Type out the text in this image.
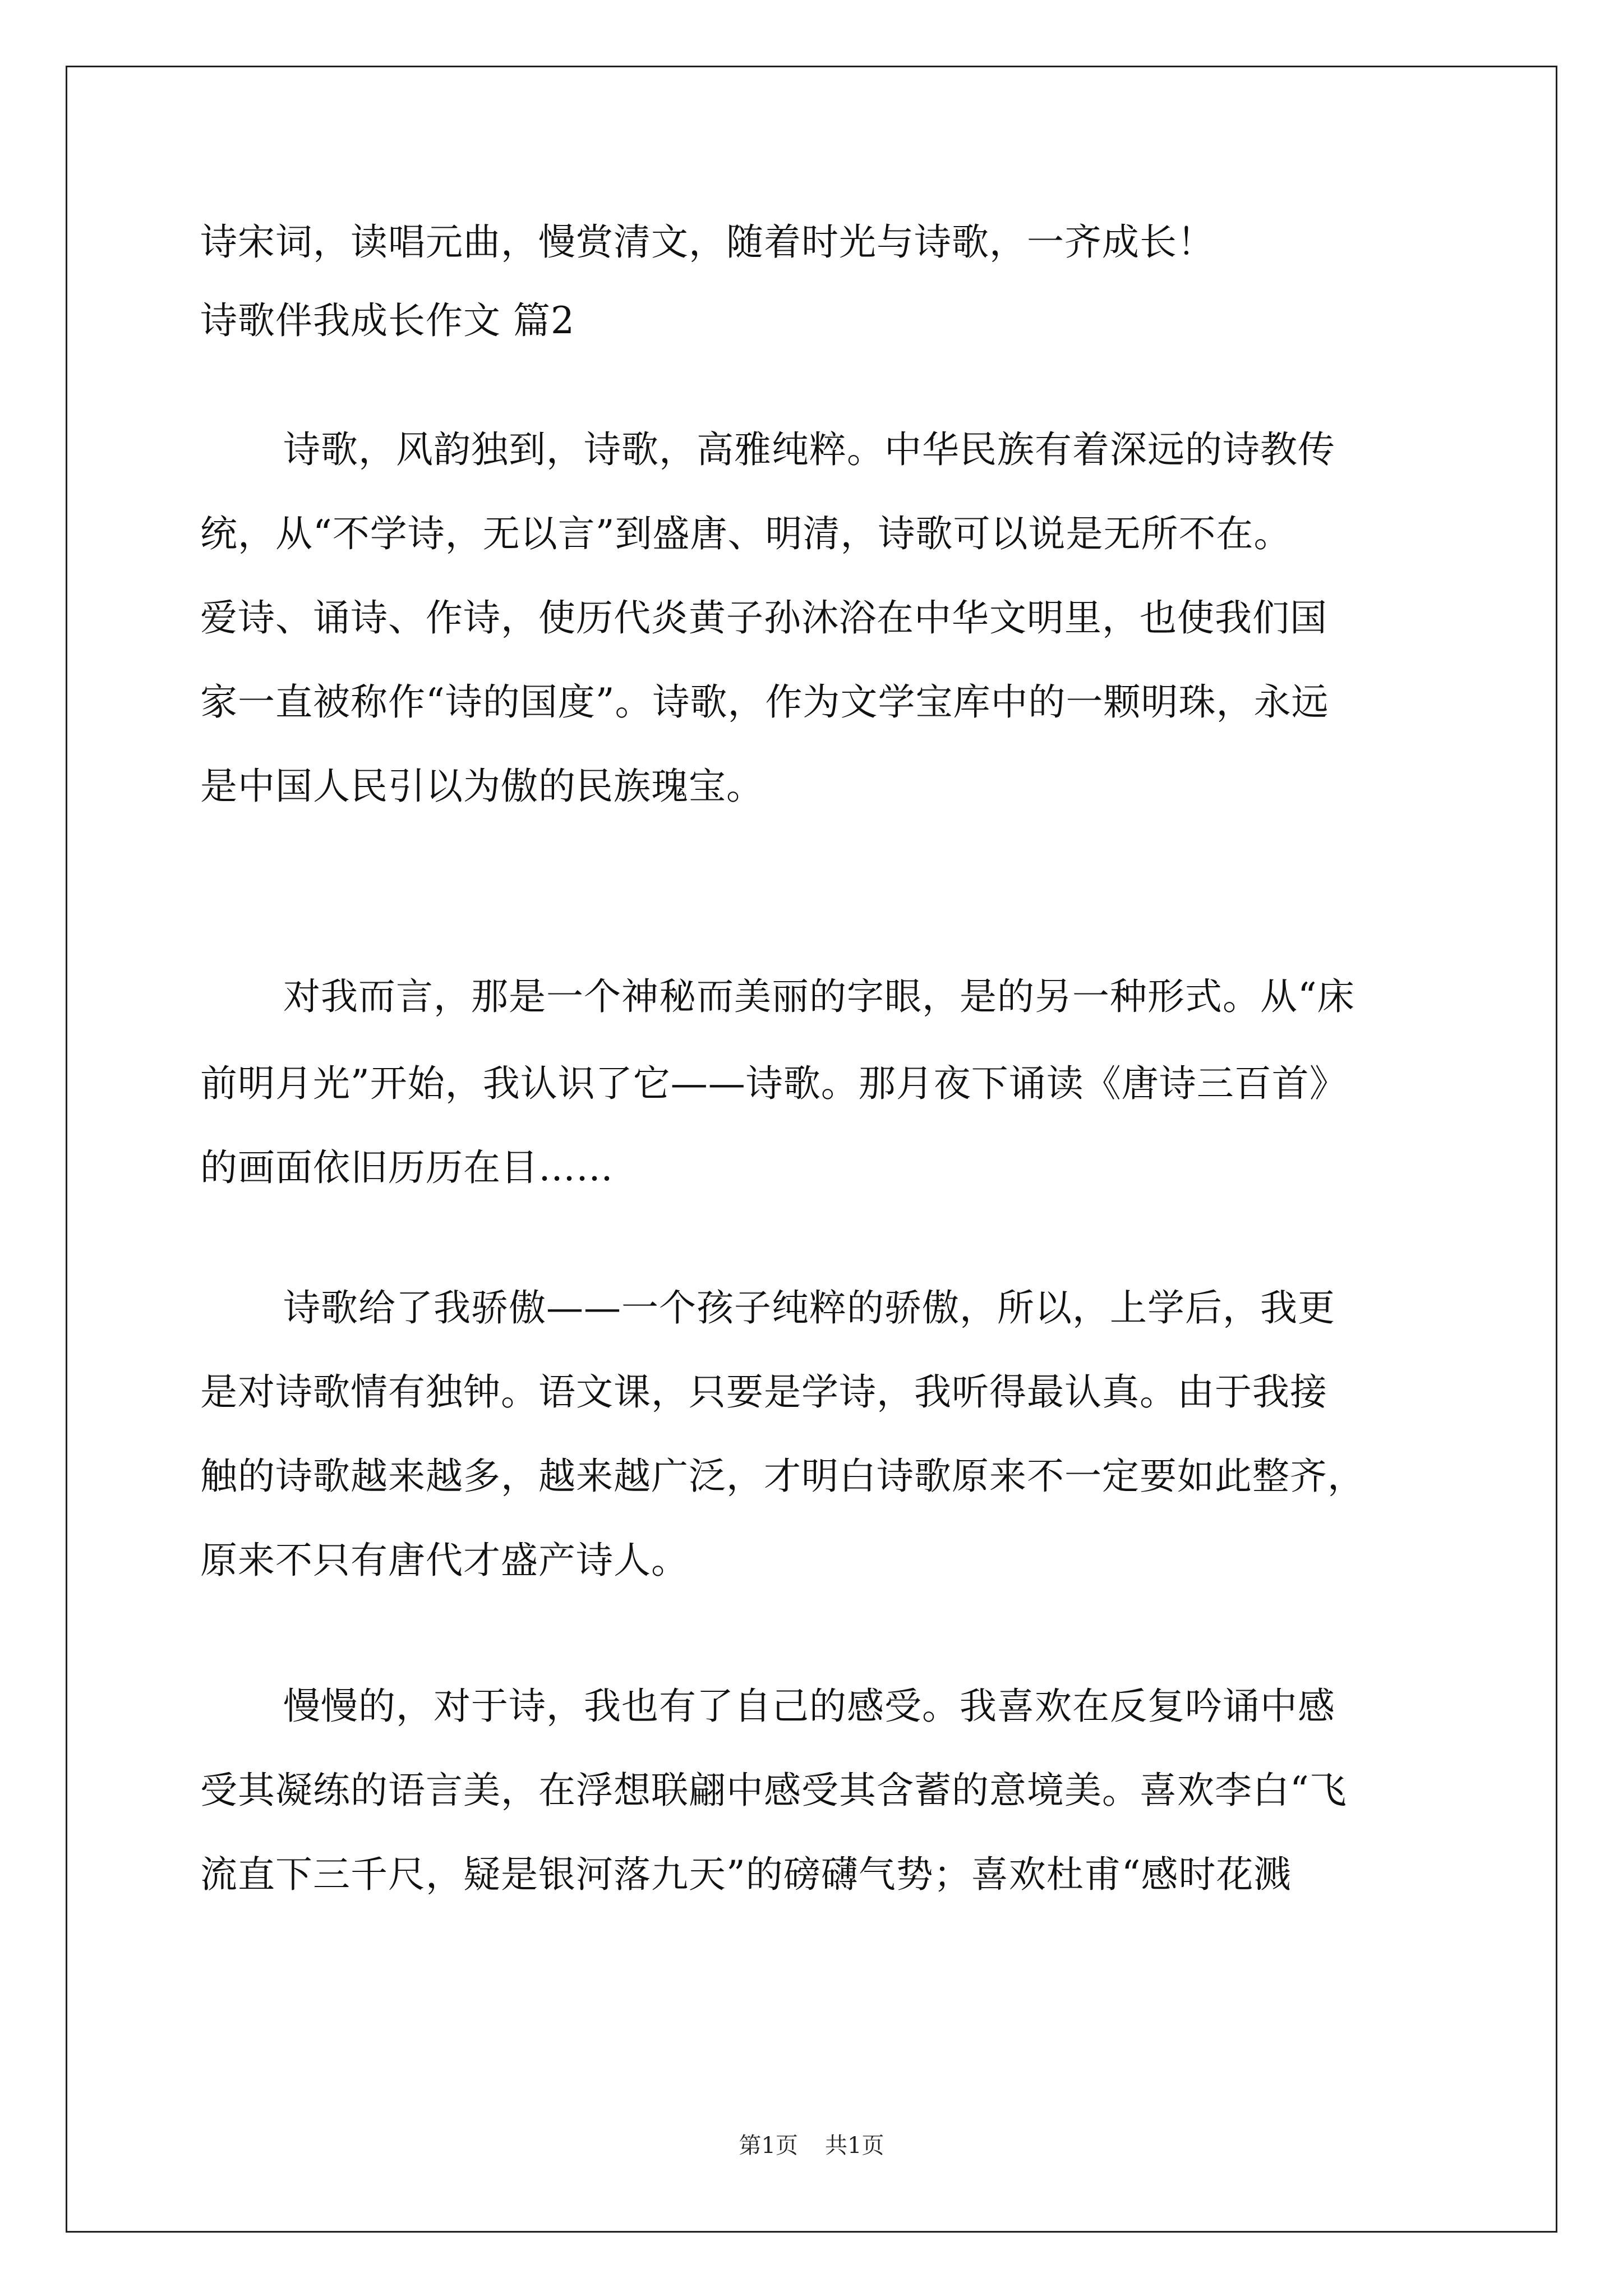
诗宋词，读唱元曲，慢赏清文，随着时光与诗歌，一齐成长！
诗歌伴我成长作文 篇2
诗歌，风韵独到，诗歌，高雅纯粹。中华民族有着深远的诗教传
统，从“不学诗，无以言”到盛唐、明清，诗歌可以说是无所不在。
爱诗、诵诗、作诗，使历代炎黄子孙沐浴在中华文明里，也使我们国
家一直被称作“诗的国度”。诗歌，作为文学宝库中的一颗明珠，永远
是中国人民引以为傲的民族瑰宝。
对我而言，那是一个神秘而美丽的字眼，是的另一种形式。从“床
前明月光”开始，我认识了它——诗歌。那月夜下诵读《唐诗三百首》
的画面依旧历历在目……
诗歌给了我骄傲——一个孩子纯粹的骄傲，所以，上学后，我更
是对诗歌情有独钟。语文课，只要是学诗，我听得最认真。由于我接
触的诗歌越来越多，越来越广泛，才明白诗歌原来不一定要如此整齐，
原来不只有唐代才盛产诗人。
慢慢的，对于诗，我也有了自己的感受。我喜欢在反复吟诵中感
受其凝练的语言美，在浮想联翩中感受其含蓄的意境美。喜欢李白“飞
流直下三千尺，疑是银河落九天”的磅礴气势；喜欢杜甫“感时花溅
第1页 共1页
